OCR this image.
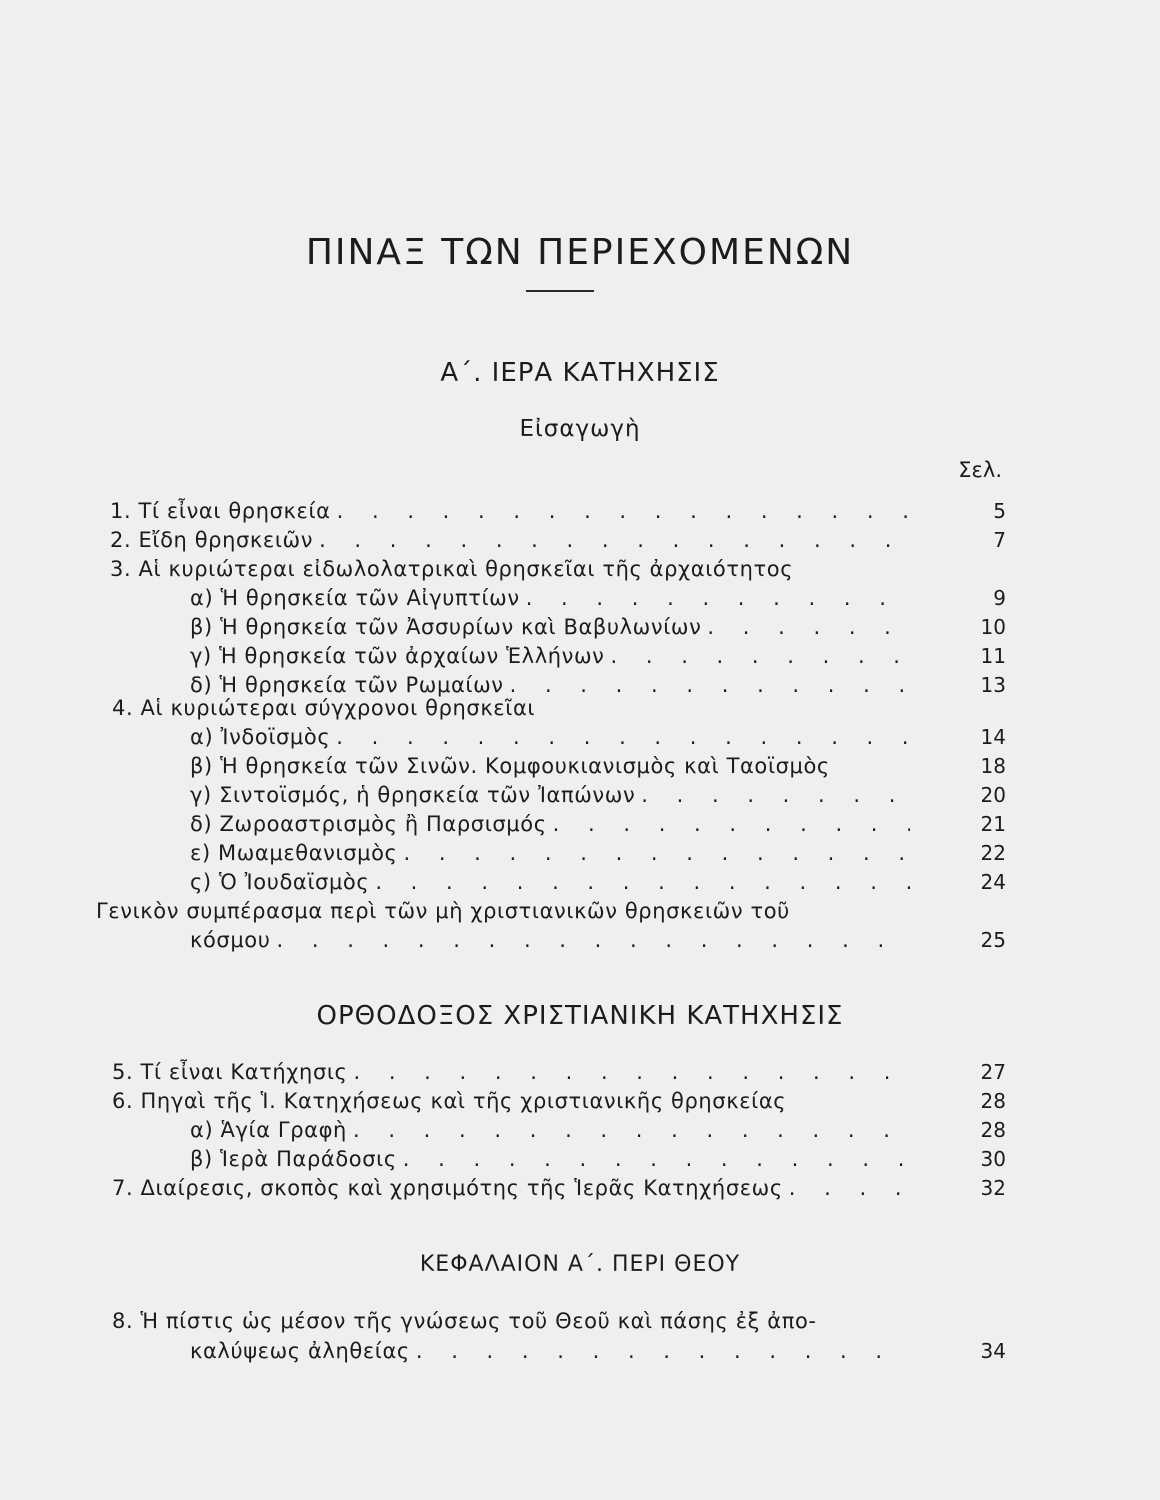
ΠΙΝΑΞ ΤΩΝ ΠΕΡΙΕΧΟΜΕΝΩΝ
Α΄. ΙΕΡΑ ΚΑΤΗΧΗΣΙΣ
Εἰσαγωγὴ
Σελ.
1. Τί εἶναι θρησκεία . . .	5
2. Εἴδη θρησκειῶν . . .	7
3. Αἱ κυριώτεραι εἰδωλολατρικαὶ θρησκεῖαι τῆς ἀρχαιότητος
α) Ἡ θρησκεία τῶν Αἰγυπτίων . . .	9
β) Ἡ θρησκεία τῶν Ἀσσυρίων καὶ Βαβυλωνίων . . .	10
γ) Ἡ θρησκεία τῶν ἀρχαίων Ἑλλήνων . . .	11
δ) Ἡ θρησκεία τῶν Ρωμαίων . . .	13
4. Αἱ κυριώτεραι σύγχρονοι θρησκεῖαι
α) Ἰνδοϊσμὸς . . .	14
β) Ἡ θρησκεία τῶν Σινῶν. Κομφουκιανισμὸς καὶ Ταοϊσμὸς	18
γ) Σιντοϊσμός, ἡ θρησκεία τῶν Ἰαπώνων . . .	20
δ) Ζωροαστρισμὸς ἢ Παρσισμός . . .	21
ε) Μωαμεθανισμὸς . . .	22
ς) Ὁ Ἰουδαϊσμὸς . . .	24
Γενικὸν συμπέρασμα περὶ τῶν μὴ χριστιανικῶν θρησκειῶν τοῦ
κόσμου . . .	25
ΟΡΘΟΔΟΞΟΣ ΧΡΙΣΤΙΑΝΙΚΗ ΚΑΤΗΧΗΣΙΣ
5. Τί εἶναι Κατήχησις . . .	27
6. Πηγαὶ τῆς Ἱ. Κατηχήσεως καὶ τῆς χριστιανικῆς θρησκείας	28
α) Ἁγία Γραφὴ . . .	28
β) Ἱερὰ Παράδοσις . . .	30
7. Διαίρεσις, σκοπὸς καὶ χρησιμότης τῆς Ἱερᾶς Κατηχήσεως . . .	32
ΚΕΦΑΛΑΙΟΝ Α΄. ΠΕΡΙ ΘΕΟΥ
8. Ἡ πίστις ὡς μέσον τῆς γνώσεως τοῦ Θεοῦ καὶ πάσης ἐξ ἀπο-
καλύψεως ἀληθείας . . .	34
